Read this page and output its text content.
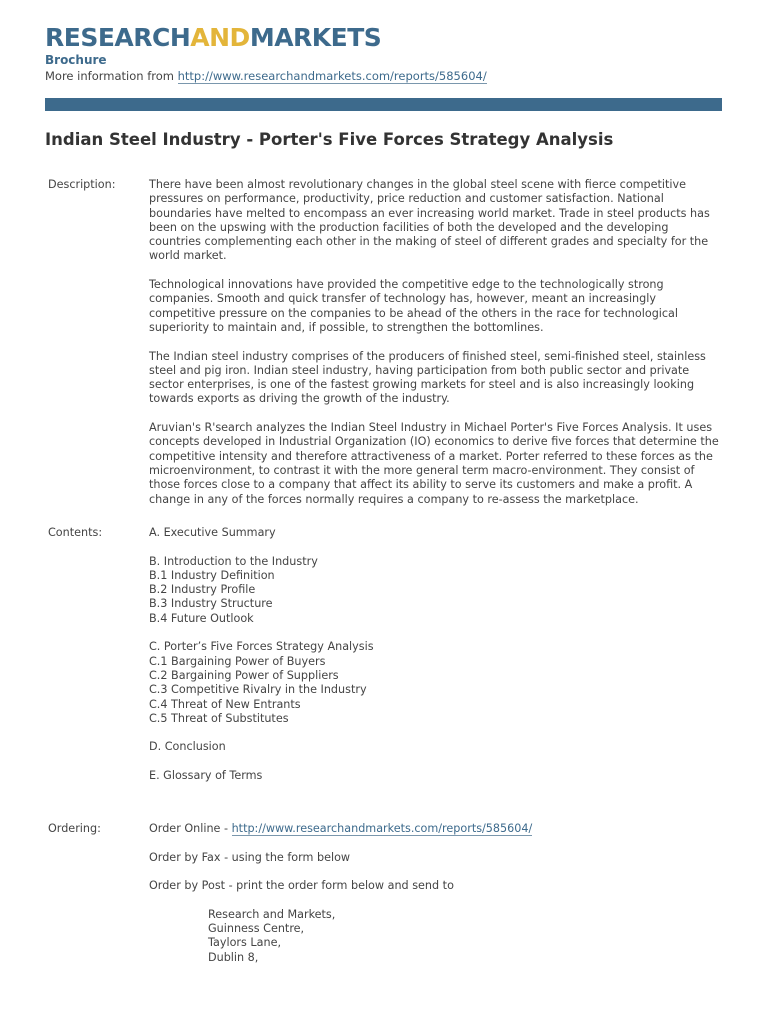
RESEARCHANDMARKETS
Brochure
More information from http://www.researchandmarkets.com/reports/585604/
Indian Steel Industry - Porter's Five Forces Strategy Analysis
Description:	There have been almost revolutionary changes in the global steel scene with fierce competitive pressures on performance, productivity, price reduction and customer satisfaction. National boundaries have melted to encompass an ever increasing world market. Trade in steel products has been on the upswing with the production facilities of both the developed and the developing countries complementing each other in the making of steel of different grades and specialty for the world market.

Technological innovations have provided the competitive edge to the technologically strong companies. Smooth and quick transfer of technology has, however, meant an increasingly competitive pressure on the companies to be ahead of the others in the race for technological superiority to maintain and, if possible, to strengthen the bottomlines.

The Indian steel industry comprises of the producers of finished steel, semi-finished steel, stainless steel and pig iron. Indian steel industry, having participation from both public sector and private sector enterprises, is one of the fastest growing markets for steel and is also increasingly looking towards exports as driving the growth of the industry.

Aruvian's R'search analyzes the Indian Steel Industry in Michael Porter's Five Forces Analysis. It uses concepts developed in Industrial Organization (IO) economics to derive five forces that determine the competitive intensity and therefore attractiveness of a market. Porter referred to these forces as the microenvironment, to contrast it with the more general term macro-environment. They consist of those forces close to a company that affect its ability to serve its customers and make a profit. A change in any of the forces normally requires a company to re-assess the marketplace.

Contents:	A. Executive Summary
B. Introduction to the Industry
B.1 Industry Definition
B.2 Industry Profile
B.3 Industry Structure
B.4 Future Outlook
C. Porter’s Five Forces Strategy Analysis
C.1 Bargaining Power of Buyers
C.2 Bargaining Power of Suppliers
C.3 Competitive Rivalry in the Industry
C.4 Threat of New Entrants
C.5 Threat of Substitutes
D. Conclusion
E. Glossary of Terms
Ordering:	Order Online - http://www.researchandmarkets.com/reports/585604/
Order by Fax - using the form below
Order by Post - print the order form below and send to
Research and Markets,
Guinness Centre,
Taylors Lane,
Dublin 8,
